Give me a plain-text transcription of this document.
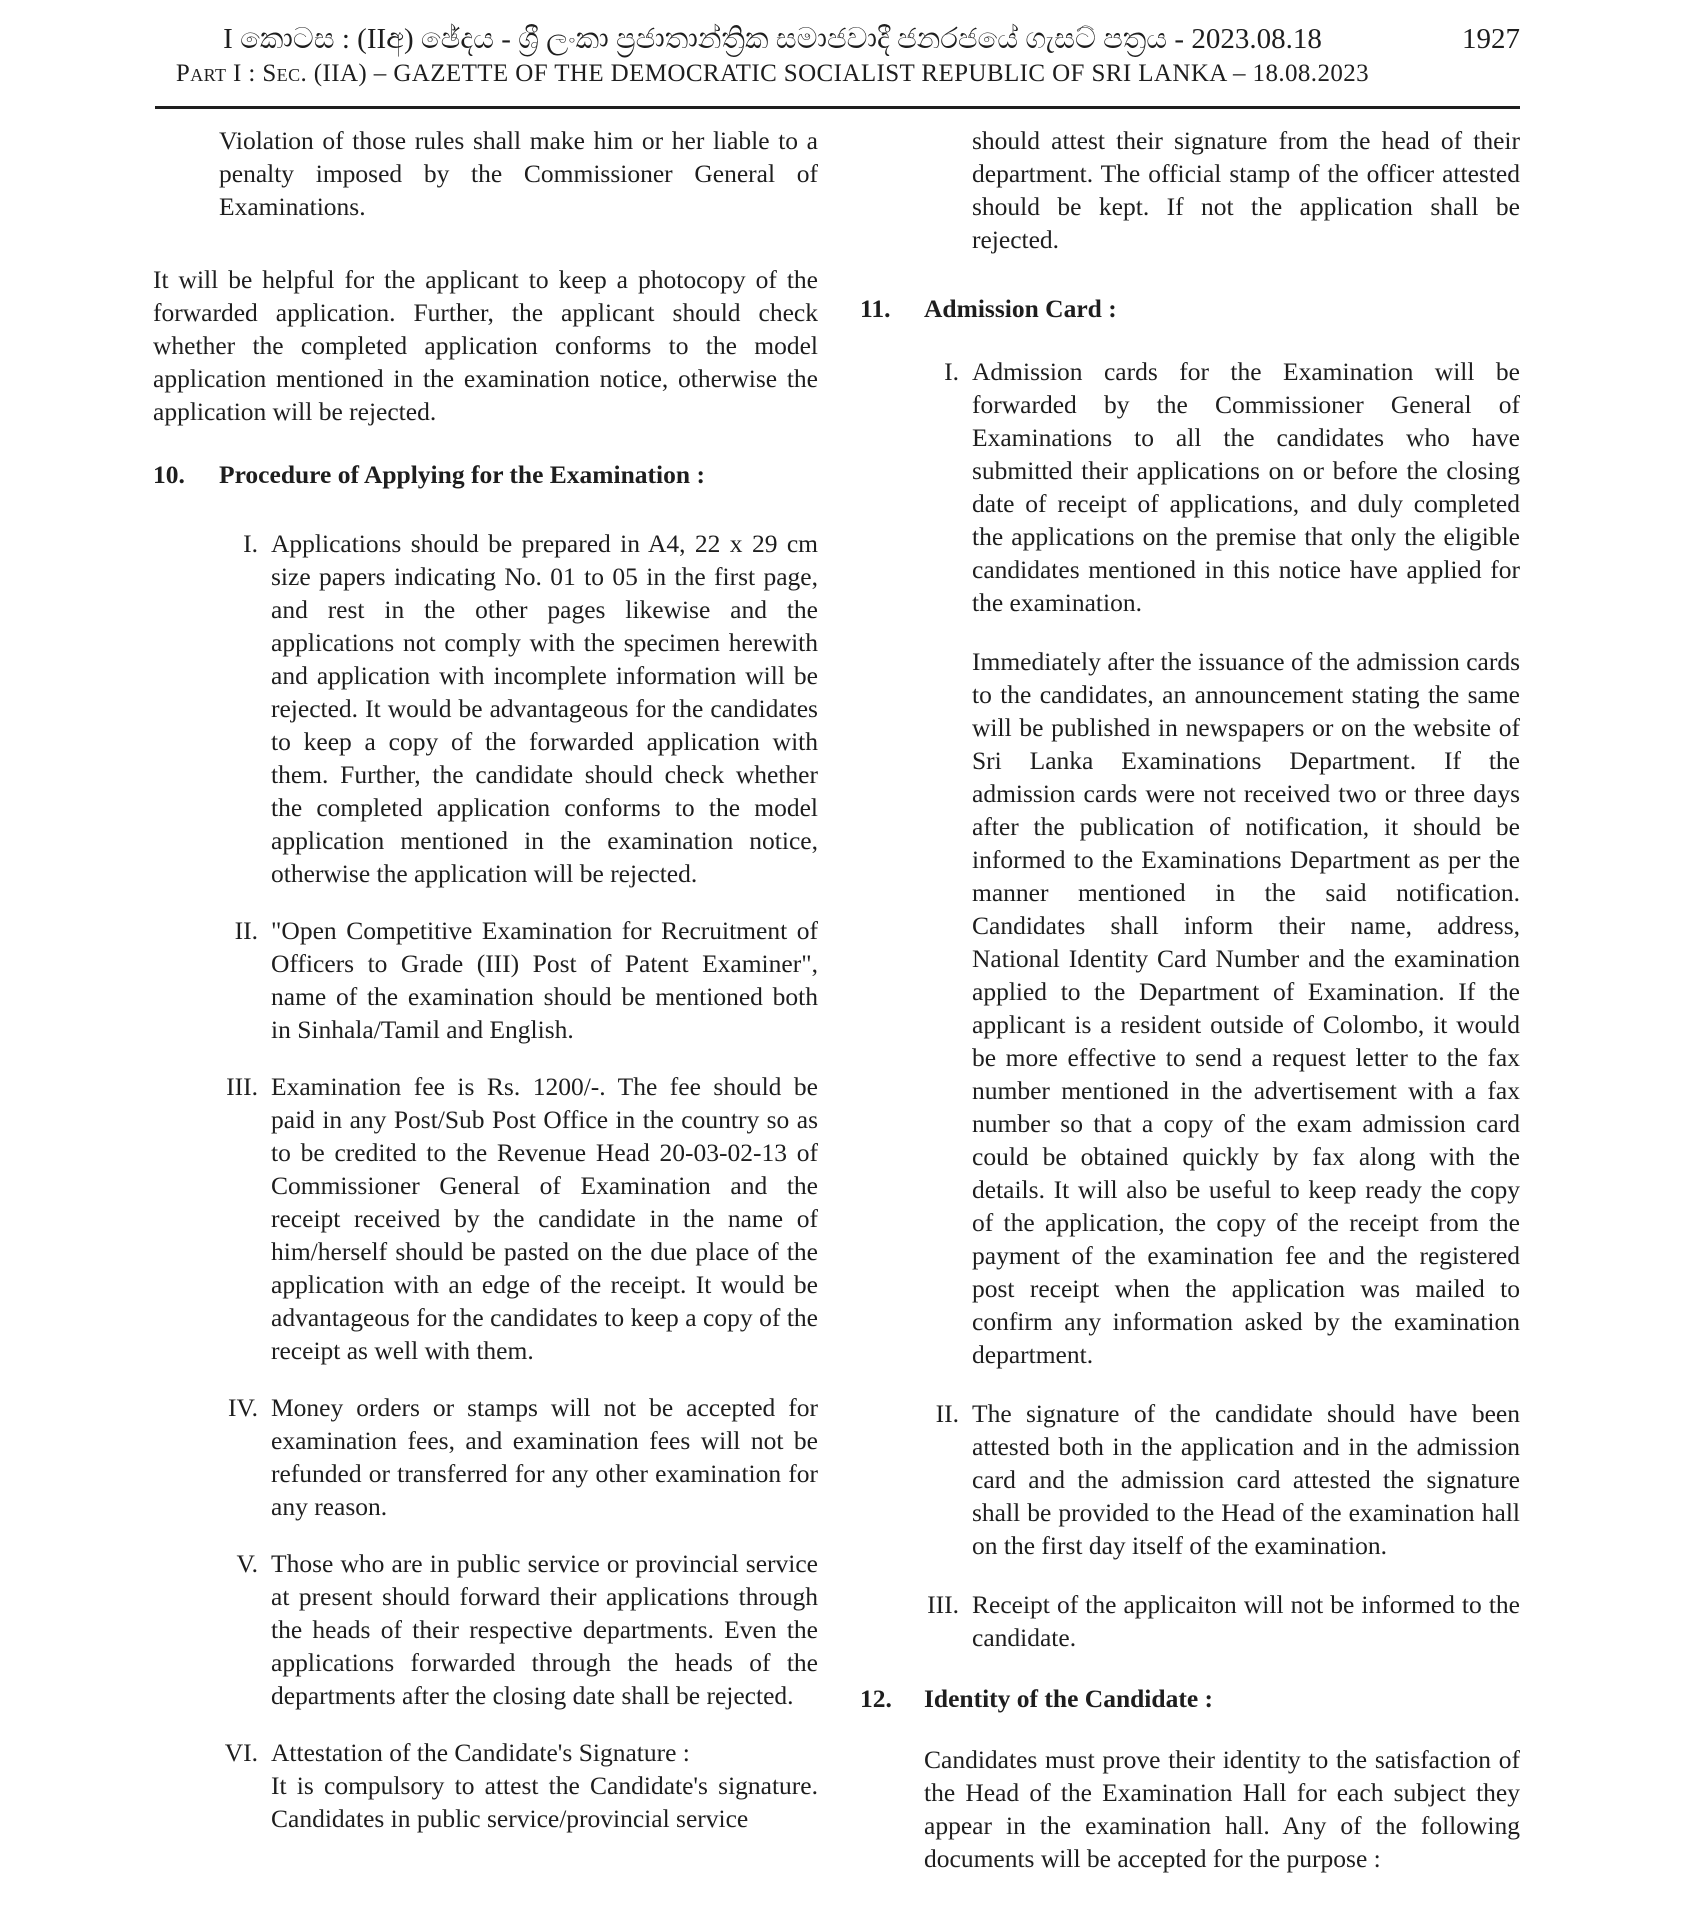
I කොටස : (IIඅ) ඡේදය - ශ්‍රී ලංකා ප්‍රජාතාන්ත්‍රික සමාජවාදී ජනරජයේ ගැසට් පත්‍රය - 2023.08.18
Part I : Sec. (IIA) – GAZETTE OF THE DEMOCRATIC SOCIALIST REPUBLIC OF SRI LANKA – 18.08.2023
1927

Violation of those rules shall make him or her liable to a penalty imposed by the Commissioner General of Examinations.

It will be helpful for the applicant to keep a photocopy of the forwarded application. Further, the applicant should check whether the completed application conforms to the model application mentioned in the examination notice, otherwise the application will be rejected.

10.	Procedure of Applying for the Examination :
I. Applications should be prepared in A4, 22 x 29 cm size papers indicating No. 01 to 05 in the first page, and rest in the other pages likewise and the applications not comply with the specimen herewith and application with incomplete information will be rejected. It would be advantageous for the candidates to keep a copy of the forwarded application with them. Further, the candidate should check whether the completed application conforms to the model application mentioned in the examination notice, otherwise the application will be rejected.
II. "Open Competitive Examination for Recruitment of Officers to Grade (III) Post of Patent Examiner", name of the examination should be mentioned both in Sinhala/Tamil and English.
III. Examination fee is Rs. 1200/-. The fee should be paid in any Post/Sub Post Office in the country so as to be credited to the Revenue Head 20-03-02-13 of Commissioner General of Examination and the receipt received by the candidate in the name of him/herself should be pasted on the due place of the application with an edge of the receipt. It would be advantageous for the candidates to keep a copy of the receipt as well with them.
IV. Money orders or stamps will not be accepted for examination fees, and examination fees will not be refunded or transferred for any other examination for any reason.
V. Those who are in public service or provincial service at present should forward their applications through the heads of their respective departments. Even the applications forwarded through the heads of the departments after the closing date shall be rejected.
VI. Attestation of the Candidate's Signature :
It is compulsory to attest the Candidate's signature. Candidates in public service/provincial service

should attest their signature from the head of their department. The official stamp of the officer attested should be kept. If not the application shall be rejected.

11.	Admission Card :
I. Admission cards for the Examination will be forwarded by the Commissioner General of Examinations to all the candidates who have submitted their applications on or before the closing date of receipt of applications, and duly completed the applications on the premise that only the eligible candidates mentioned in this notice have applied for the examination.

Immediately after the issuance of the admission cards to the candidates, an announcement stating the same will be published in newspapers or on the website of Sri Lanka Examinations Department. If the admission cards were not received two or three days after the publication of notification, it should be informed to the Examinations Department as per the manner mentioned in the said notification. Candidates shall inform their name, address, National Identity Card Number and the examination applied to the Department of Examination. If the applicant is a resident outside of Colombo, it would be more effective to send a request letter to the fax number mentioned in the advertisement with a fax number so that a copy of the exam admission card could be obtained quickly by fax along with the details. It will also be useful to keep ready the copy of the application, the copy of the receipt from the payment of the examination fee and the registered post receipt when the application was mailed to confirm any information asked by the examination department.

II. The signature of the candidate should have been attested both in the application and in the admission card and the admission card attested the signature shall be provided to the Head of the examination hall on the first day itself of the examination.
III. Receipt of the applicaiton will not be informed to the candidate.
12.	Identity of the Candidate :

Candidates must prove their identity to the satisfaction of the Head of the Examination Hall for each subject they appear in the examination hall. Any of the following documents will be accepted for the purpose :
